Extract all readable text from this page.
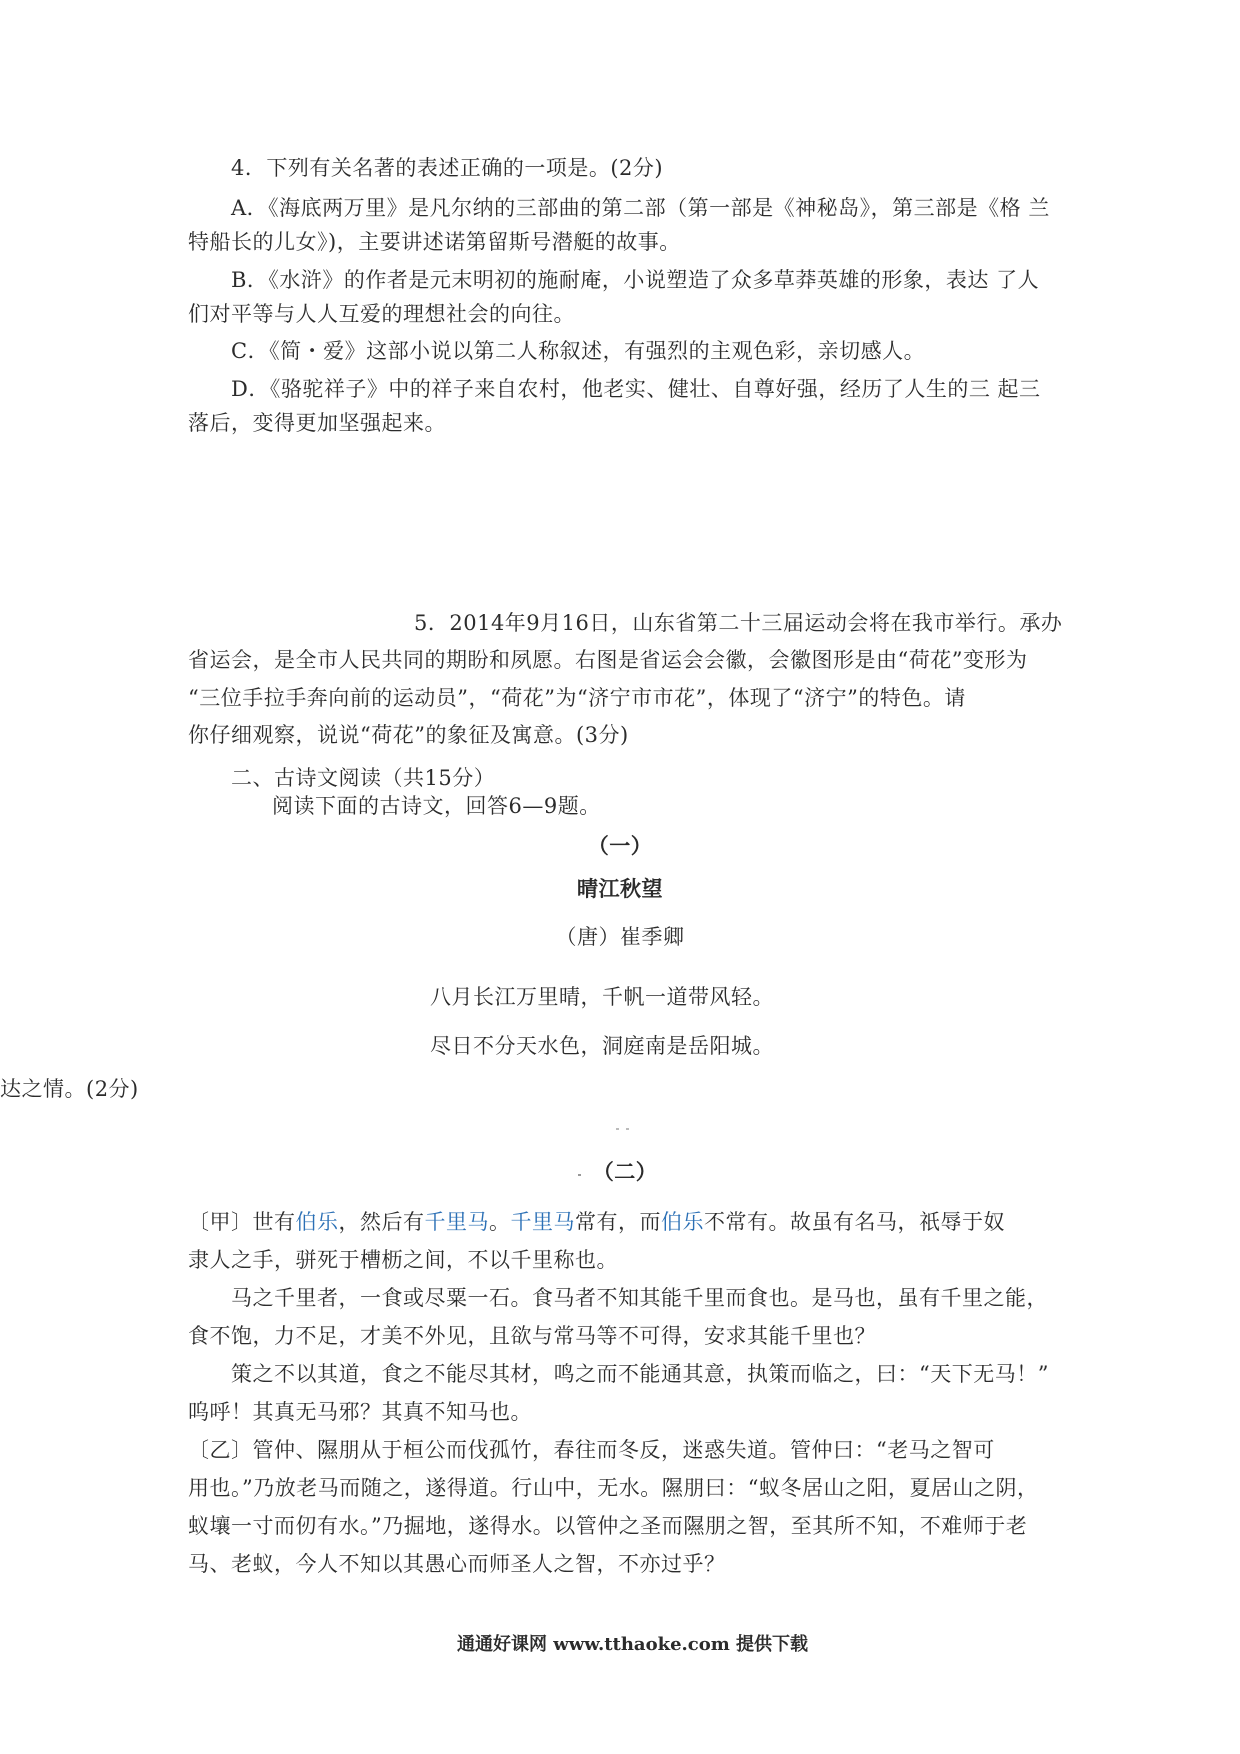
4．下列有关名著的表述正确的一项是。(2分)
A．《海底两万里》是凡尔纳的三部曲的第二部（第一部是《神秘岛》，第三部是《格 兰
特船长的儿女》)，主要讲述诺第留斯号潜艇的故事。
B．《水浒》的作者是元末明初的施耐庵，小说塑造了众多草莽英雄的形象，表达 了人
们对平等与人人互爱的理想社会的向往。
C．《简・爱》这部小说以第二人称叙述，有强烈的主观色彩，亲切感人。
D．《骆驼祥子》中的祥子来自农村，他老实、健壮、自尊好强，经历了人生的三 起三
落后，变得更加坚强起来。
5．2014年9月16日，山东省第二十三届运动会将在我市举行。承办
省运会，是全市人民共同的期盼和夙愿。右图是省运会会徽，会徽图形是由“荷花”变形为
“三位手拉手奔向前的运动员”，“荷花”为“济宁市市花”，体现了“济宁”的特色。请
你仔细观察，说说“荷花”的象征及寓意。(3分)
二、古诗文阅读（共15分）
阅读下面的古诗文，回答6—9题。
（一）
晴江秋望
（唐）崔季卿
八月长江万里晴，千帆一道带风轻。
尽日不分天水色，洞庭南是岳阳城。
达之情。(2分)
（二）
〔甲〕世有伯乐，然后有千里马。千里马常有，而伯乐不常有。故虽有名马，祇辱于奴
隶人之手，骈死于槽枥之间，不以千里称也。
马之千里者，一食或尽粟一石。食马者不知其能千里而食也。是马也，虽有千里之能，
食不饱，力不足，才美不外见，且欲与常马等不可得，安求其能千里也？
策之不以其道，食之不能尽其材，鸣之而不能通其意，执策而临之，曰：“天下无马！”
呜呼！其真无马邪？其真不知马也。
〔乙〕管仲、隰朋从于桓公而伐孤竹，春往而冬反，迷惑失道。管仲曰：“老马之智可
用也。”乃放老马而随之，遂得道。行山中，无水。隰朋曰：“蚁冬居山之阳，夏居山之阴，
蚁壤一寸而仞有水。”乃掘地，遂得水。以管仲之圣而隰朋之智，至其所不知，不难师于老
马、老蚁，今人不知以其愚心而师圣人之智，不亦过乎？
通通好课网 www.tthaoke.com 提供下载
